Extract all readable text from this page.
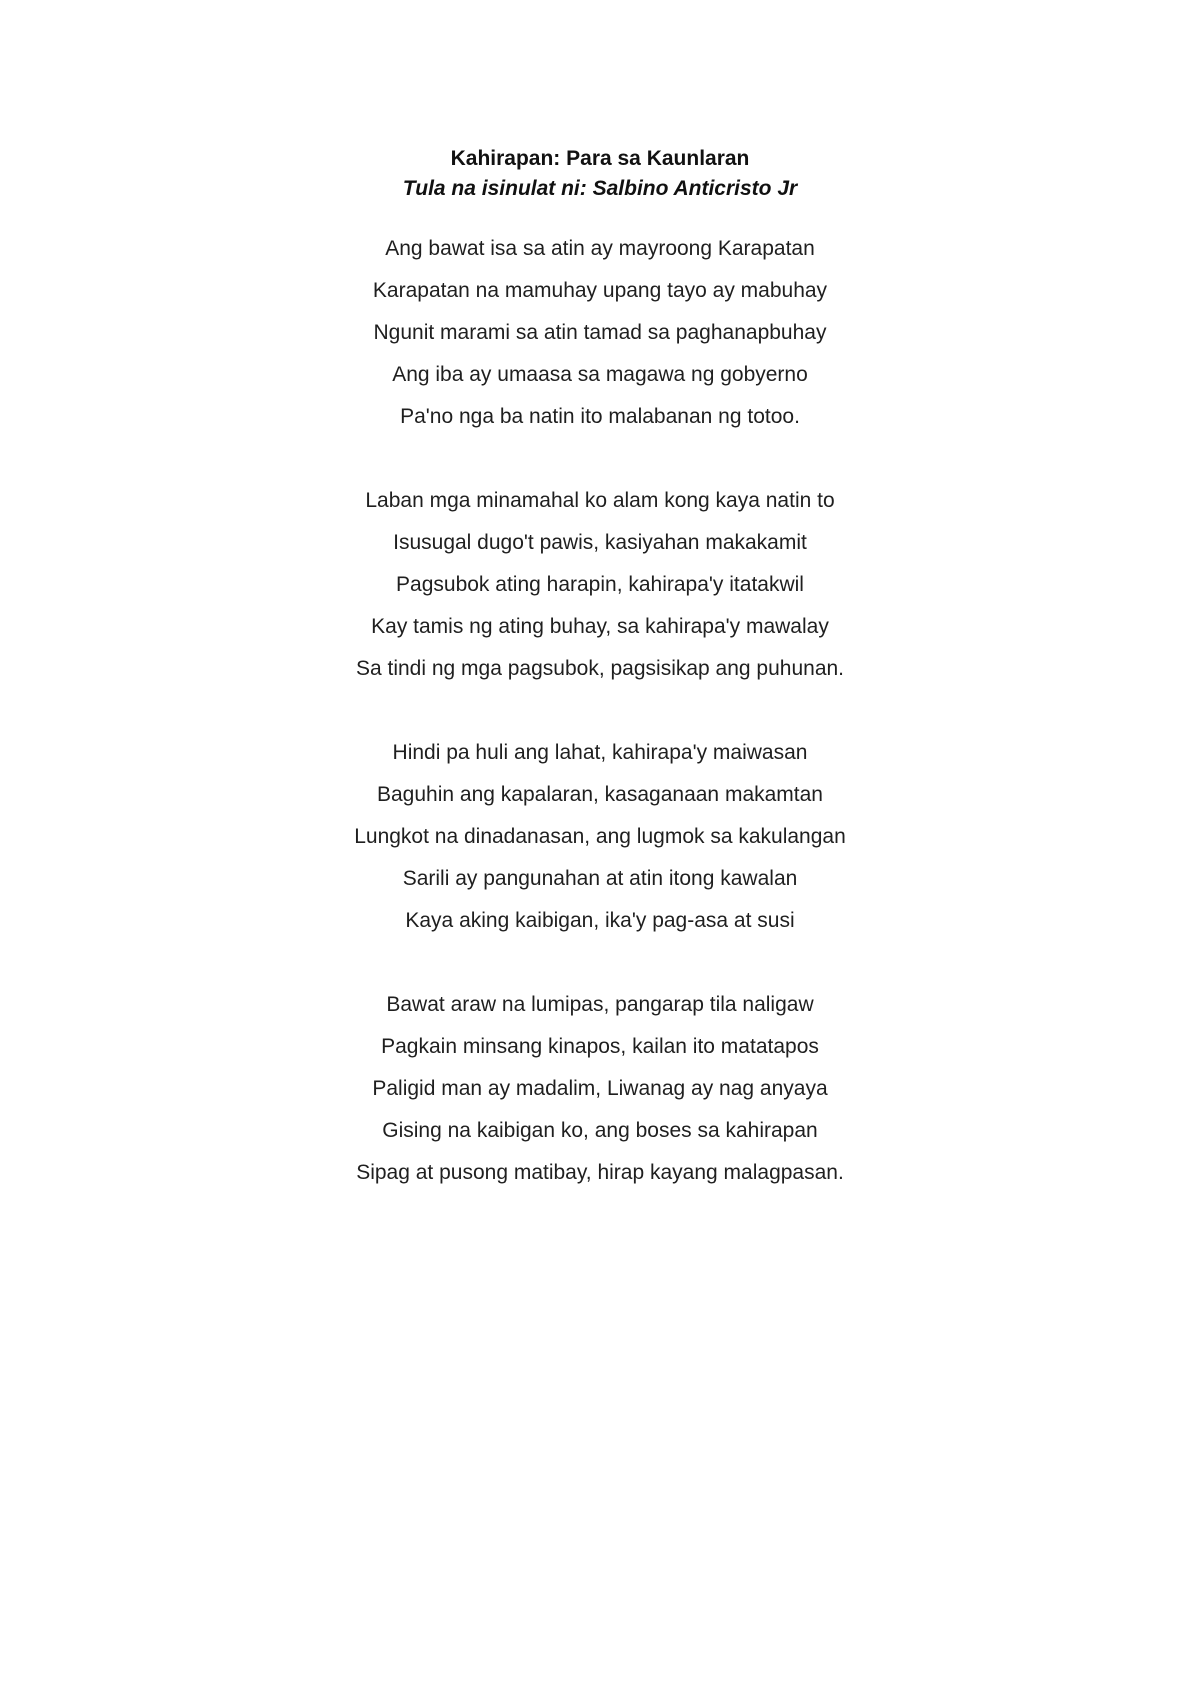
Kahirapan: Para sa Kaunlaran

Tula na isinulat ni: Salbino Anticristo Jr

Ang bawat isa sa atin ay mayroong Karapatan
Karapatan na mamuhay upang tayo ay mabuhay
Ngunit marami sa atin tamad sa paghanapbuhay
Ang iba ay umaasa sa magawa ng gobyerno
Pa'no nga ba natin ito malabanan ng totoo.
Laban mga minamahal ko alam kong kaya natin to
Isusugal dugo't pawis, kasiyahan makakamit
Pagsubok ating harapin, kahirapa'y itatakwil
Kay tamis ng ating buhay, sa kahirapa'y mawalay
Sa tindi ng mga pagsubok, pagsisikap ang puhunan.
Hindi pa huli ang lahat, kahirapa'y maiwasan
Baguhin ang kapalaran, kasaganaan makamtan
Lungkot na dinadanasan, ang lugmok sa kakulangan
Sarili ay pangunahan at atin itong kawalan
Kaya aking kaibigan, ika'y pag-asa at susi
Bawat araw na lumipas, pangarap tila naligaw
Pagkain minsang kinapos, kailan ito matatapos
Paligid man ay madalim, Liwanag ay nag anyaya
Gising na kaibigan ko, ang boses sa kahirapan
Sipag at pusong matibay, hirap kayang malagpasan.
